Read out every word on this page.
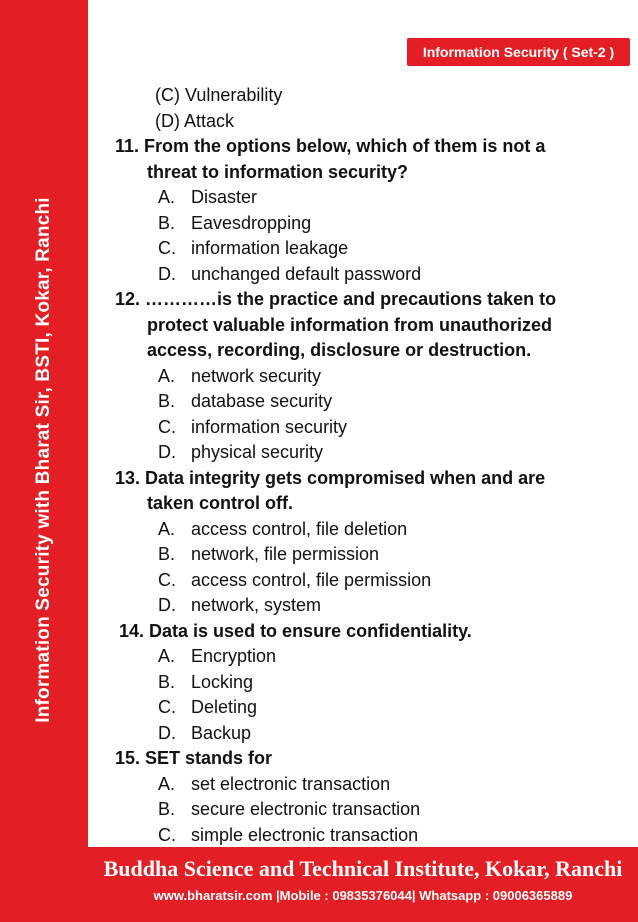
Information Security with Bharat Sir, BSTI, Kokar, Ranchi
Information Security ( Set-2 )
(C) Vulnerability
(D) Attack
11. From the options below, which of them is not a
threat to information security?
A. Disaster
B. Eavesdropping
C. information leakage
D. unchanged default password
12. …………is the practice and precautions taken to
protect valuable information from unauthorized
access, recording, disclosure or destruction.
A. network security
B. database security
C. information security
D. physical security
13. Data integrity gets compromised when and are
taken control off.
A. access control, file deletion
B. network, file permission
C. access control, file permission
D. network, system
14. Data is used to ensure confidentiality.
A. Encryption
B. Locking
C. Deleting
D. Backup
15. SET stands for
A. set electronic transaction
B. secure electronic transaction
C. simple electronic transaction
Buddha Science and Technical Institute, Kokar, Ranchi
www.bharatsir.com |Mobile : 09835376044| Whatsapp : 09006365889
